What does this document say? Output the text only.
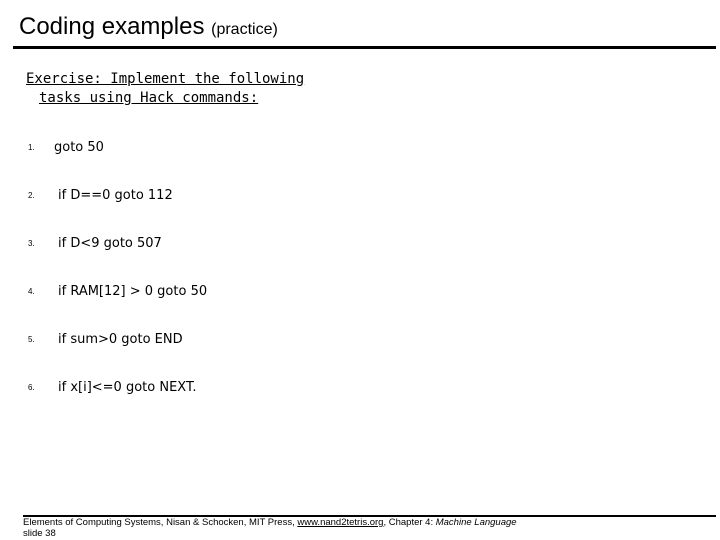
Coding examples (practice)
Exercise: Implement the following
tasks using Hack commands:
1. goto 50
2. if D==0 goto 112
3. if D<9 goto 507
4. if RAM[12] > 0 goto 50
5. if sum>0 goto END
6. if x[i]<=0 goto NEXT.
Elements of Computing Systems, Nisan & Schocken, MIT Press, www.nand2tetris.org, Chapter 4: Machine Language
slide 38
